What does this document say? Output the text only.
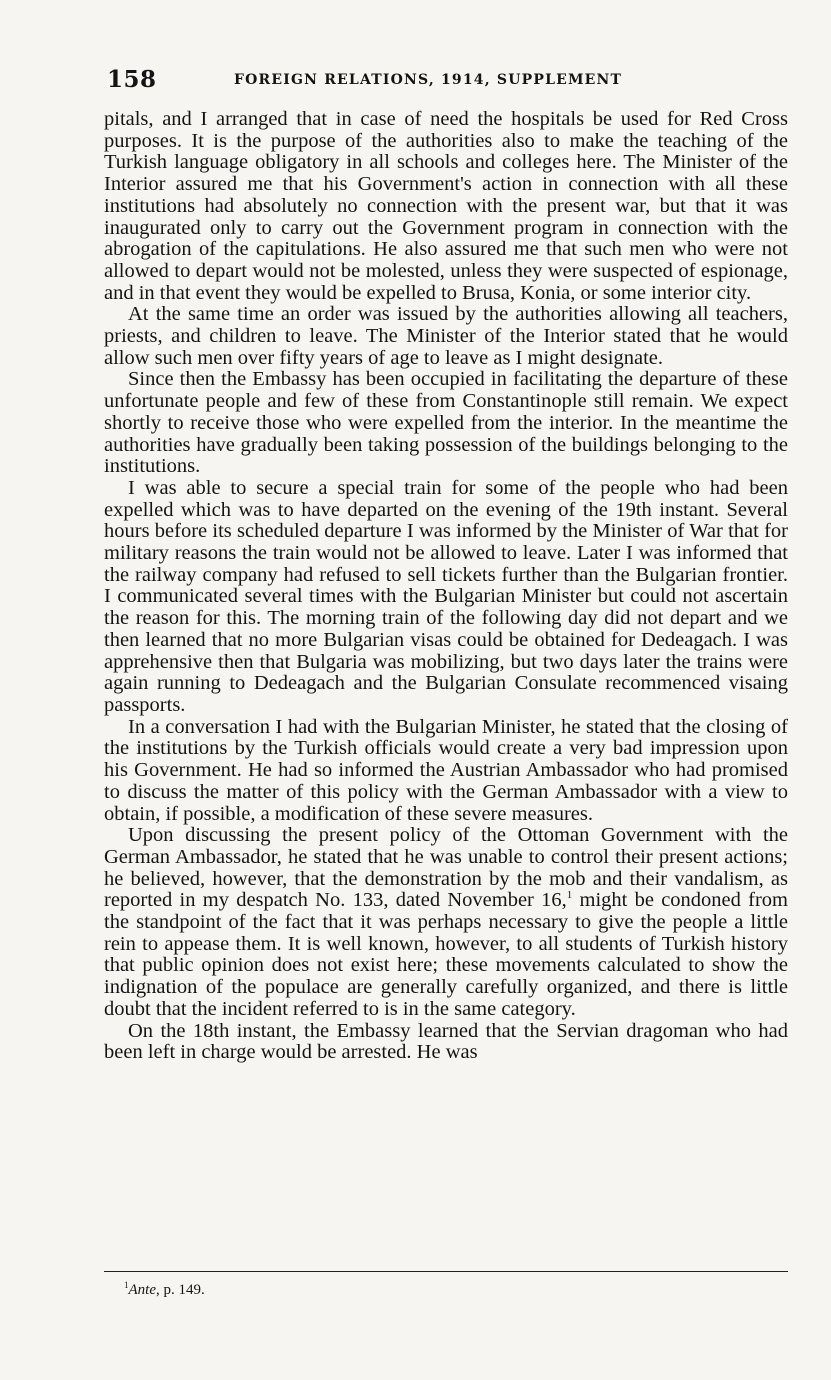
158	FOREIGN RELATIONS, 1914, SUPPLEMENT

pitals, and I arranged that in case of need the hospitals be used for Red Cross purposes. It is the purpose of the authorities also to make the teaching of the Turkish language obligatory in all schools and colleges here. The Minister of the Interior assured me that his Government's action in connection with all these institutions had absolutely no connection with the present war, but that it was inaugurated only to carry out the Government program in connection with the abrogation of the capitulations. He also assured me that such men who were not allowed to depart would not be molested, unless they were suspected of espionage, and in that event they would be expelled to Brusa, Konia, or some interior city.

At the same time an order was issued by the authorities allowing all teachers, priests, and children to leave. The Minister of the Interior stated that he would allow such men over fifty years of age to leave as I might designate.

Since then the Embassy has been occupied in facilitating the departure of these unfortunate people and few of these from Constantinople still remain. We expect shortly to receive those who were expelled from the interior. In the meantime the authorities have gradually been taking possession of the buildings belonging to the institutions.

I was able to secure a special train for some of the people who had been expelled which was to have departed on the evening of the 19th instant. Several hours before its scheduled departure I was informed by the Minister of War that for military reasons the train would not be allowed to leave. Later I was informed that the railway company had refused to sell tickets further than the Bulgarian frontier. I communicated several times with the Bulgarian Minister but could not ascertain the reason for this. The morning train of the following day did not depart and we then learned that no more Bulgarian visas could be obtained for Dedeagach. I was apprehensive then that Bulgaria was mobilizing, but two days later the trains were again running to Dedeagach and the Bulgarian Consulate recommenced visaing passports.

In a conversation I had with the Bulgarian Minister, he stated that the closing of the institutions by the Turkish officials would create a very bad impression upon his Government. He had so informed the Austrian Ambassador who had promised to discuss the matter of this policy with the German Ambassador with a view to obtain, if possible, a modification of these severe measures.

Upon discussing the present policy of the Ottoman Government with the German Ambassador, he stated that he was unable to control their present actions; he believed, however, that the demonstration by the mob and their vandalism, as reported in my despatch No. 133, dated November 16,$^1$ might be condoned from the standpoint of the fact that it was perhaps necessary to give the people a little rein to appease them. It is well known, however, to all students of Turkish history that public opinion does not exist here; these movements calculated to show the indignation of the populace are generally carefully organized, and there is little doubt that the incident referred to is in the same category.

On the 18th instant, the Embassy learned that the Servian dragoman who had been left in charge would be arrested. He was

$^1$Ante, p. 149.
